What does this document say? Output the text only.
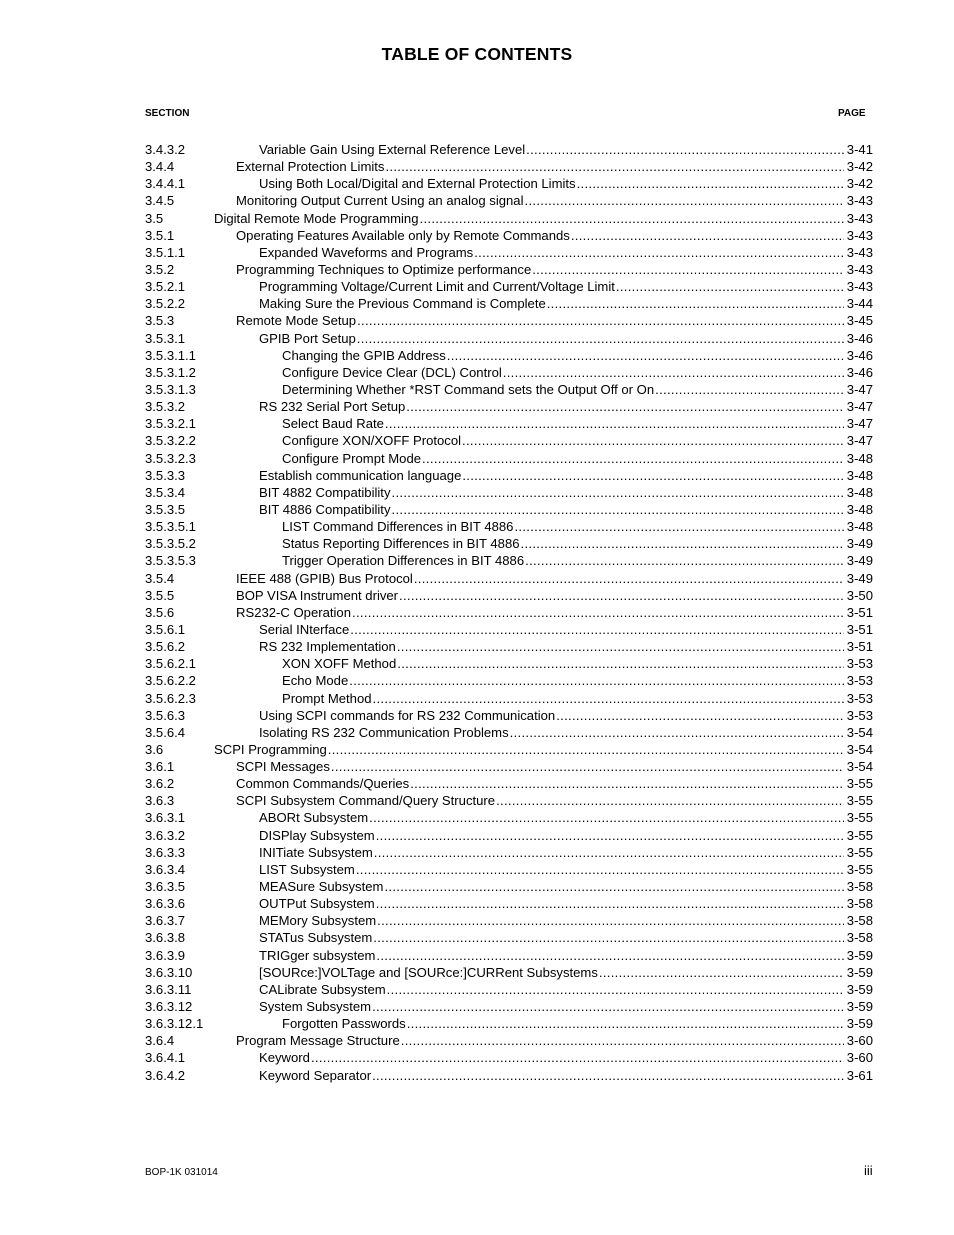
TABLE OF CONTENTS
SECTION	PAGE
3.4.3.2	Variable Gain Using External Reference Level .....	3-41
3.4.4	External Protection Limits .....	3-42
3.4.4.1	Using Both Local/Digital and External Protection Limits .....	3-42
3.4.5	Monitoring Output Current Using an analog signal .....	3-43
3.5	Digital Remote Mode Programming .....	3-43
3.5.1	Operating Features Available only by Remote Commands .....	3-43
3.5.1.1	Expanded Waveforms and Programs .....	3-43
3.5.2	Programming Techniques to Optimize performance .....	3-43
3.5.2.1	Programming Voltage/Current Limit and Current/Voltage Limit .....	3-43
3.5.2.2	Making Sure the Previous Command is Complete .....	3-44
3.5.3	Remote Mode Setup .....	3-45
3.5.3.1	GPIB Port Setup .....	3-46
3.5.3.1.1	Changing the GPIB Address .....	3-46
3.5.3.1.2	Configure Device Clear (DCL) Control .....	3-46
3.5.3.1.3	Determining Whether *RST Command sets the Output Off or On .....	3-47
3.5.3.2	RS 232 Serial Port Setup .....	3-47
3.5.3.2.1	Select Baud Rate .....	3-47
3.5.3.2.2	Configure XON/XOFF Protocol .....	3-47
3.5.3.2.3	Configure Prompt Mode .....	3-48
3.5.3.3	Establish communication language .....	3-48
3.5.3.4	BIT 4882 Compatibility .....	3-48
3.5.3.5	BIT 4886 Compatibility .....	3-48
3.5.3.5.1	LIST Command Differences in BIT 4886 .....	3-48
3.5.3.5.2	Status Reporting Differences in BIT 4886 .....	3-49
3.5.3.5.3	Trigger Operation Differences in BIT 4886 .....	3-49
3.5.4	IEEE 488 (GPIB) Bus Protocol .....	3-49
3.5.5	BOP VISA Instrument driver .....	3-50
3.5.6	RS232-C Operation .....	3-51
3.5.6.1	Serial INterface .....	3-51
3.5.6.2	RS 232 Implementation .....	3-51
3.5.6.2.1	XON XOFF Method .....	3-53
3.5.6.2.2	Echo Mode .....	3-53
3.5.6.2.3	Prompt Method .....	3-53
3.5.6.3	Using SCPI commands for RS 232 Communication .....	3-53
3.5.6.4	Isolating RS 232 Communication Problems .....	3-54
3.6	SCPI Programming .....	3-54
3.6.1	SCPI Messages .....	3-54
3.6.2	Common Commands/Queries .....	3-55
3.6.3	SCPI Subsystem Command/Query Structure .....	3-55
3.6.3.1	ABORt Subsystem .....	3-55
3.6.3.2	DISPlay Subsystem .....	3-55
3.6.3.3	INITiate Subsystem .....	3-55
3.6.3.4	LIST Subsystem .....	3-55
3.6.3.5	MEASure Subsystem .....	3-58
3.6.3.6	OUTPut Subsystem .....	3-58
3.6.3.7	MEMory Subsystem .....	3-58
3.6.3.8	STATus Subsystem .....	3-58
3.6.3.9	TRIGger subsystem .....	3-59
3.6.3.10	[SOURce:]VOLTage and [SOURce:]CURRent Subsystems .....	3-59
3.6.3.11	CALibrate Subsystem .....	3-59
3.6.3.12	System Subsystem .....	3-59
3.6.3.12.1	Forgotten Passwords .....	3-59
3.6.4	Program Message Structure .....	3-60
3.6.4.1	Keyword .....	3-60
3.6.4.2	Keyword Separator .....	3-61
BOP-1K 031014	iii
